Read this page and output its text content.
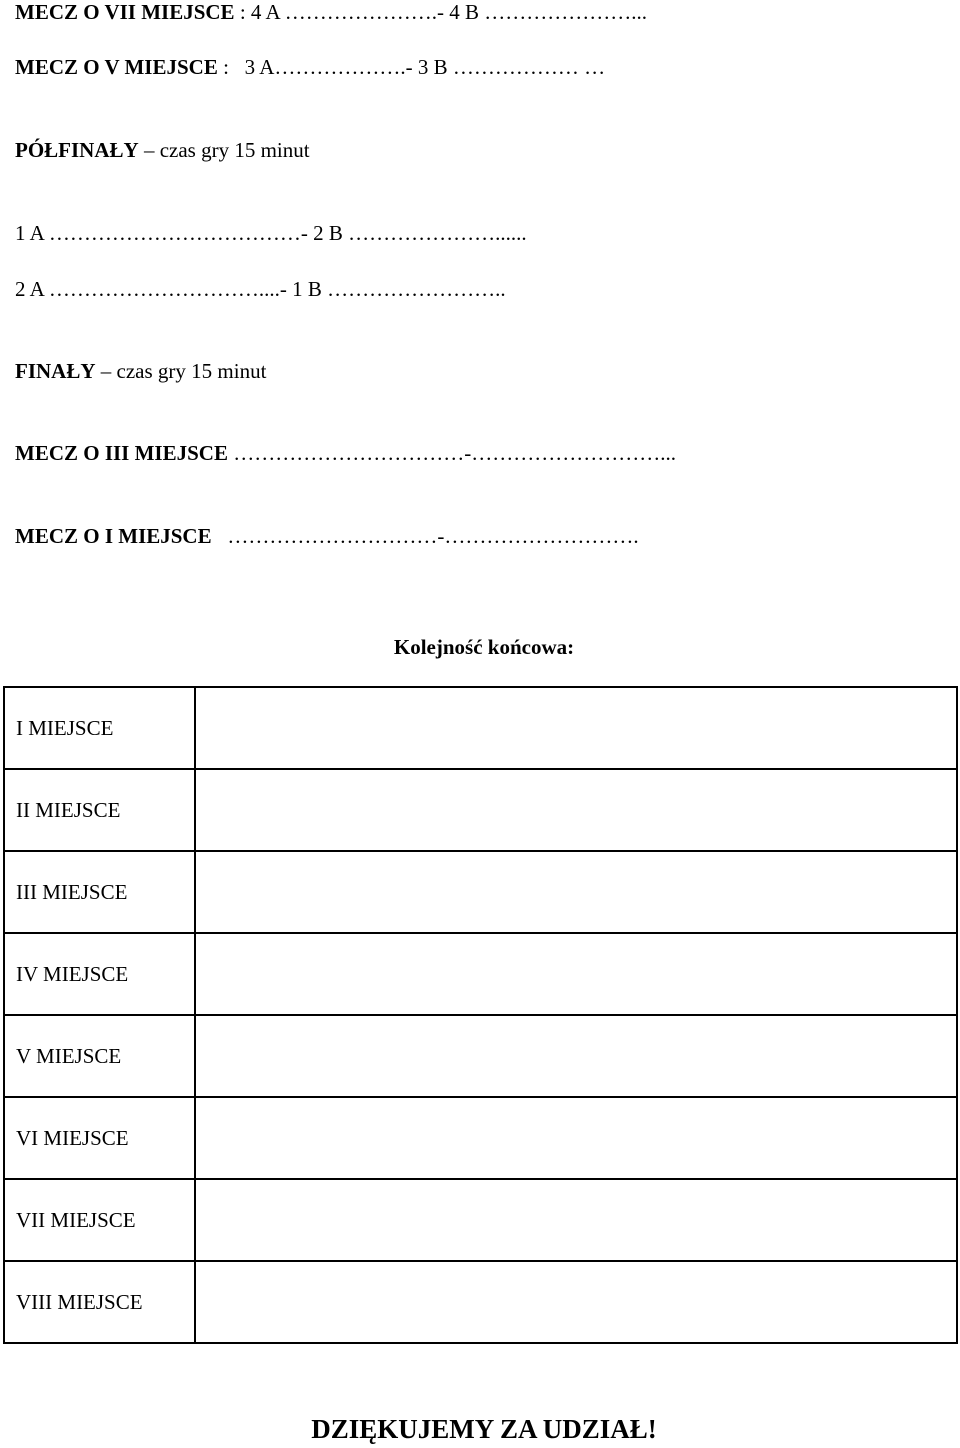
MECZ O VII MIEJSCE : 4 A ………………….- 4 B …………………...
MECZ O V MIEJSCE :   3 A……………….- 3 B ……………… …
PÓŁFINAŁY – czas gry 15 minut
1 A ………………………………- 2 B …………………......
2 A …………………………....- 1 B ……………………..
FINAŁY – czas gry 15 minut
MECZ O III MIEJSCE ……………………………-………………………...
MECZ O I MIEJSCE   …………………………-……………………….
Kolejność końcowa:
I MIEJSCE	
II MIEJSCE	
III MIEJSCE	
IV MIEJSCE	
V MIEJSCE	
VI MIEJSCE	
VII MIEJSCE	
VIII MIEJSCE	
DZIĘKUJEMY ZA UDZIAŁ!
